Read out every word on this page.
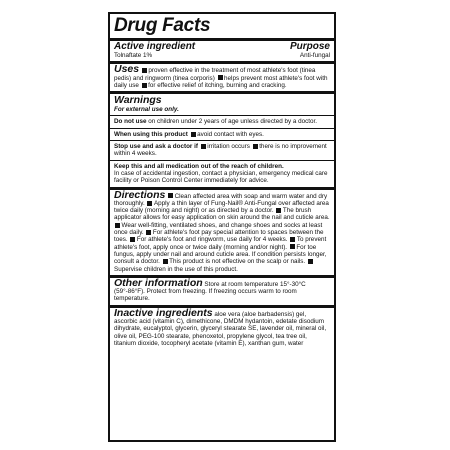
Drug Facts
Active ingredient	Purpose
Tolnaftate 1%	Anti-fungal
Uses proven effective in the treatment of most athlete's foot (tinea pedis) and ringworm (tinea corporis) helps prevent most athlete's foot with daily use for effective relief of itching, burning and cracking.
Warnings
For external use only.
Do not use on children under 2 years of age unless directed by a doctor.
When using this product avoid contact with eyes.
Stop use and ask a doctor if irritation occurs there is no improvement within 4 weeks.
Keep this and all medication out of the reach of children.
In case of accidental ingestion, contact a physician, emergency medical care facility or Poison Control Center immediately for advice.
Directions Clean affected area with soap and warm water and dry thoroughly. Apply a thin layer of Fung-Nail® Anti-Fungal over affected area twice daily (morning and night) or as directed by a doctor. The brush applicator allows for easy application on skin around the nail and cuticle area. Wear well-fitting, ventilated shoes, and change shoes and socks at least once daily. For athlete's foot pay special attention to spaces between the toes. For athlete's foot and ringworm, use daily for 4 weeks. To prevent athlete's foot, apply once or twice daily (morning and/or night). For toe fungus, apply under nail and around cuticle area. If condition persists longer, consult a doctor. This product is not effective on the scalp or nails. Supervise children in the use of this product.
Other information Store at room temperature 15°-30°C (59°-86°F). Protect from freezing. If freezing occurs warm to room temperature.
Inactive ingredients aloe vera (aloe barbadensis) gel, ascorbic acid (vitamin C), dimethicone, DMDM hydantoin, edetate disodium dihydrate, eucalyptol, glycerin, glyceryl stearate SE, lavender oil, mineral oil, olive oil, PEG-100 stearate, phenoxetol, propylene glycol, tea tree oil, titanium dioxide, tocopheryl acetate (vitamin E), xanthan gum, water
